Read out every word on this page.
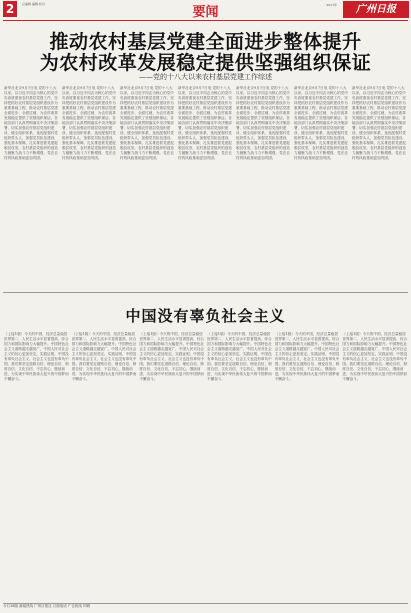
2	总编辑 编辑 校对
要闻	2017年	广州日报
推动农村基层党建全面进步整体提升
为农村改革发展稳定提供坚强组织保证
——党的十八大以来农村基层党建工作综述
新华社北京9月7日电 党的十八大以来，以习近平同志为核心的党中央高度重视农村基层党建工作，坚持把抓好农村基层党组织建设作为重要基础工程，推动农村基层党建全面进步、全面过硬，为农村改革发展稳定提供了坚强组织保证。各地各部门认真贯彻落实中央决策部署，切实加强农村基层党组织建设，健全组织体系，选优配强村党组织带头人，加强党员队伍建设，强化基本保障，扎实推进抓党建促脱贫攻坚，农村基层党组织的创造力凝聚力战斗力不断增强，党在农村的执政基础更加巩固。
新华社北京9月7日电 党的十八大以来，以习近平同志为核心的党中央高度重视农村基层党建工作，坚持把抓好农村基层党组织建设作为重要基础工程，推动农村基层党建全面进步、全面过硬，为农村改革发展稳定提供了坚强组织保证。各地各部门认真贯彻落实中央决策部署，切实加强农村基层党组织建设，健全组织体系，选优配强村党组织带头人，加强党员队伍建设，强化基本保障，扎实推进抓党建促脱贫攻坚，农村基层党组织的创造力凝聚力战斗力不断增强，党在农村的执政基础更加巩固。
新华社北京9月7日电 党的十八大以来，以习近平同志为核心的党中央高度重视农村基层党建工作，坚持把抓好农村基层党组织建设作为重要基础工程，推动农村基层党建全面进步、全面过硬，为农村改革发展稳定提供了坚强组织保证。各地各部门认真贯彻落实中央决策部署，切实加强农村基层党组织建设，健全组织体系，选优配强村党组织带头人，加强党员队伍建设，强化基本保障，扎实推进抓党建促脱贫攻坚，农村基层党组织的创造力凝聚力战斗力不断增强，党在农村的执政基础更加巩固。
新华社北京9月7日电 党的十八大以来，以习近平同志为核心的党中央高度重视农村基层党建工作，坚持把抓好农村基层党组织建设作为重要基础工程，推动农村基层党建全面进步、全面过硬，为农村改革发展稳定提供了坚强组织保证。各地各部门认真贯彻落实中央决策部署，切实加强农村基层党组织建设，健全组织体系，选优配强村党组织带头人，加强党员队伍建设，强化基本保障，扎实推进抓党建促脱贫攻坚，农村基层党组织的创造力凝聚力战斗力不断增强，党在农村的执政基础更加巩固。
新华社北京9月7日电 党的十八大以来，以习近平同志为核心的党中央高度重视农村基层党建工作，坚持把抓好农村基层党组织建设作为重要基础工程，推动农村基层党建全面进步、全面过硬，为农村改革发展稳定提供了坚强组织保证。各地各部门认真贯彻落实中央决策部署，切实加强农村基层党组织建设，健全组织体系，选优配强村党组织带头人，加强党员队伍建设，强化基本保障，扎实推进抓党建促脱贫攻坚，农村基层党组织的创造力凝聚力战斗力不断增强，党在农村的执政基础更加巩固。
新华社北京9月7日电 党的十八大以来，以习近平同志为核心的党中央高度重视农村基层党建工作，坚持把抓好农村基层党组织建设作为重要基础工程，推动农村基层党建全面进步、全面过硬，为农村改革发展稳定提供了坚强组织保证。各地各部门认真贯彻落实中央决策部署，切实加强农村基层党组织建设，健全组织体系，选优配强村党组织带头人，加强党员队伍建设，强化基本保障，扎实推进抓党建促脱贫攻坚，农村基层党组织的创造力凝聚力战斗力不断增强，党在农村的执政基础更加巩固。
新华社北京9月7日电 党的十八大以来，以习近平同志为核心的党中央高度重视农村基层党建工作，坚持把抓好农村基层党组织建设作为重要基础工程，推动农村基层党建全面进步、全面过硬，为农村改革发展稳定提供了坚强组织保证。各地各部门认真贯彻落实中央决策部署，切实加强农村基层党组织建设，健全组织体系，选优配强村党组织带头人，加强党员队伍建设，强化基本保障，扎实推进抓党建促脱贫攻坚，农村基层党组织的创造力凝聚力战斗力不断增强，党在农村的执政基础更加巩固。
中国没有辜负社会主义
（上接1版）今天的中国，经济总量稳居世界第二，人民生活水平显著提高，综合国力和国际影响力大幅提升。中国特色社会主义道路越走越宽广，中国人民对社会主义的信心更加坚定。实践证明，中国没有辜负社会主义，社会主义也没有辜负中国。我们要坚定道路自信、理论自信、制度自信、文化自信，不忘初心，继续前进，为实现中华民族伟大复兴的中国梦而不懈奋斗。
（上接1版）今天的中国，经济总量稳居世界第二，人民生活水平显著提高，综合国力和国际影响力大幅提升。中国特色社会主义道路越走越宽广，中国人民对社会主义的信心更加坚定。实践证明，中国没有辜负社会主义，社会主义也没有辜负中国。我们要坚定道路自信、理论自信、制度自信、文化自信，不忘初心，继续前进，为实现中华民族伟大复兴的中国梦而不懈奋斗。
（上接1版）今天的中国，经济总量稳居世界第二，人民生活水平显著提高，综合国力和国际影响力大幅提升。中国特色社会主义道路越走越宽广，中国人民对社会主义的信心更加坚定。实践证明，中国没有辜负社会主义，社会主义也没有辜负中国。我们要坚定道路自信、理论自信、制度自信、文化自信，不忘初心，继续前进，为实现中华民族伟大复兴的中国梦而不懈奋斗。
（上接1版）今天的中国，经济总量稳居世界第二，人民生活水平显著提高，综合国力和国际影响力大幅提升。中国特色社会主义道路越走越宽广，中国人民对社会主义的信心更加坚定。实践证明，中国没有辜负社会主义，社会主义也没有辜负中国。我们要坚定道路自信、理论自信、制度自信、文化自信，不忘初心，继续前进，为实现中华民族伟大复兴的中国梦而不懈奋斗。
（上接1版）今天的中国，经济总量稳居世界第二，人民生活水平显著提高，综合国力和国际影响力大幅提升。中国特色社会主义道路越走越宽广，中国人民对社会主义的信心更加坚定。实践证明，中国没有辜负社会主义，社会主义也没有辜负中国。我们要坚定道路自信、理论自信、制度自信、文化自信，不忘初心，继续前进，为实现中华民族伟大复兴的中国梦而不懈奋斗。
（上接1版）今天的中国，经济总量稳居世界第二，人民生活水平显著提高，综合国力和国际影响力大幅提升。中国特色社会主义道路越走越宽广，中国人民对社会主义的信心更加坚定。实践证明，中国没有辜负社会主义，社会主义也没有辜负中国。我们要坚定道路自信、理论自信、制度自信、文化自信，不忘初心，继续前进，为实现中华民族伟大复兴的中国梦而不懈奋斗。
今日16版 新闻热线 广州日报社 订阅电话 广告热线 印刷
